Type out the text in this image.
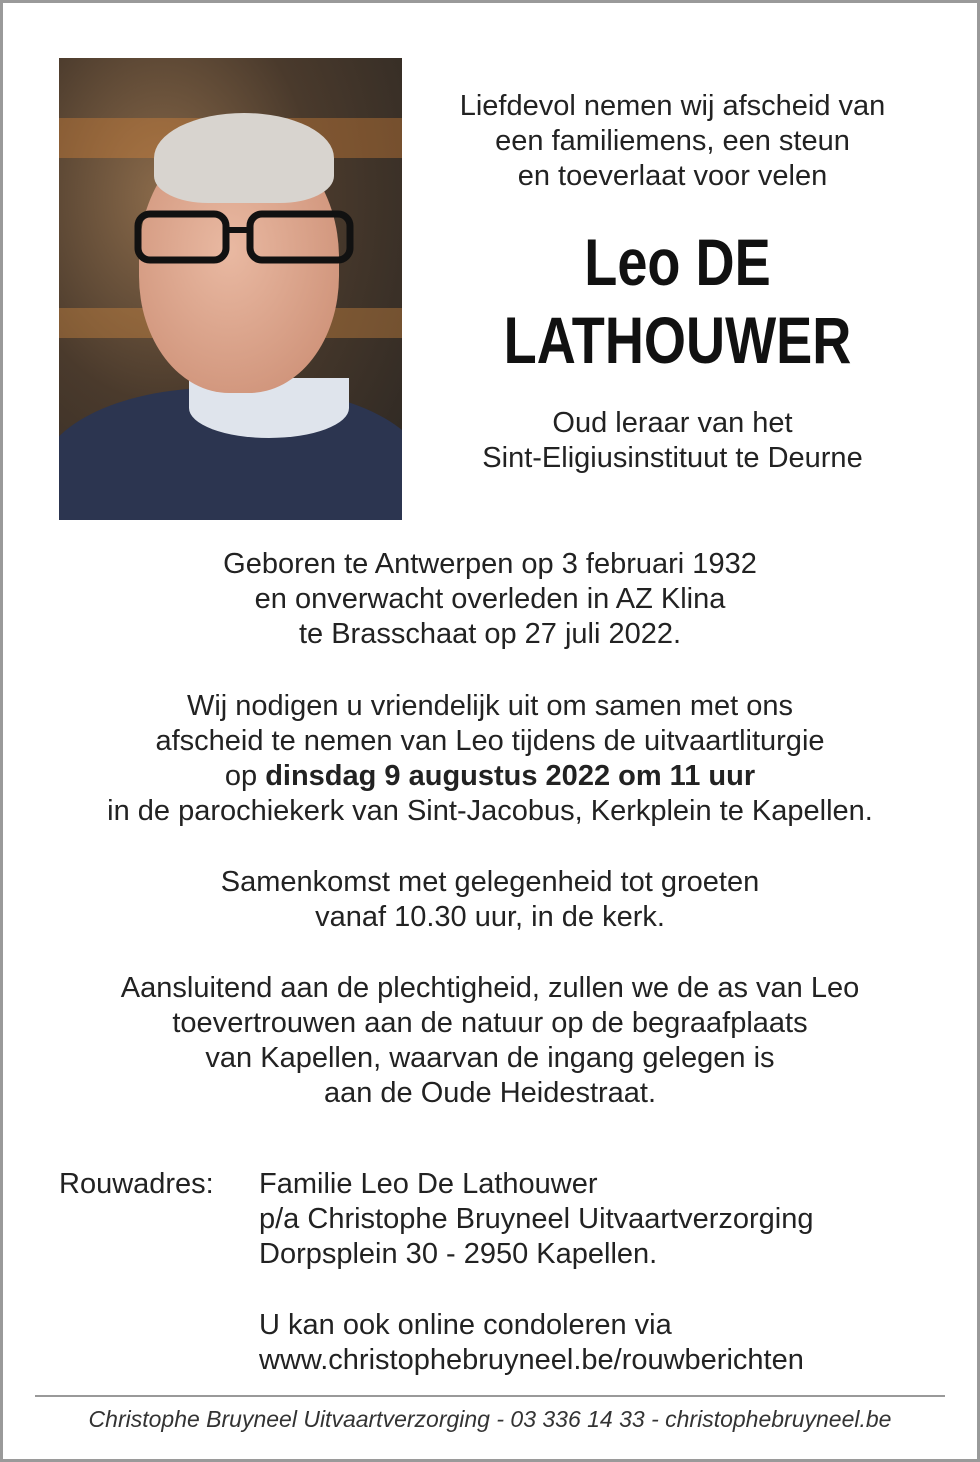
Liefdevol nemen wij afscheid van
een familiemens, een steun
en toeverlaat voor velen
Leo DE
LATHOUWER
Oud leraar van het
Sint-Eligiusinstituut te Deurne
Geboren te Antwerpen op 3 februari 1932
en onverwacht overleden in AZ Klina
te Brasschaat op 27 juli 2022.
Wij nodigen u vriendelijk uit om samen met ons
afscheid te nemen van Leo tijdens de uitvaartliturgie
op dinsdag 9 augustus 2022 om 11 uur
in de parochiekerk van Sint-Jacobus, Kerkplein te Kapellen.
Samenkomst met gelegenheid tot groeten
vanaf 10.30 uur, in de kerk.
Aansluitend aan de plechtigheid, zullen we de as van Leo
toevertrouwen aan de natuur op de begraafplaats
van Kapellen, waarvan de ingang gelegen is
aan de Oude Heidestraat.
Rouwadres: Familie Leo De Lathouwer
p/a Christophe Bruyneel Uitvaartverzorging
Dorpsplein 30 - 2950 Kapellen.
U kan ook online condoleren via
www.christophebruyneel.be/rouwberichten
Christophe Bruyneel Uitvaartverzorging - 03 336 14 33 - christophebruyneel.be
